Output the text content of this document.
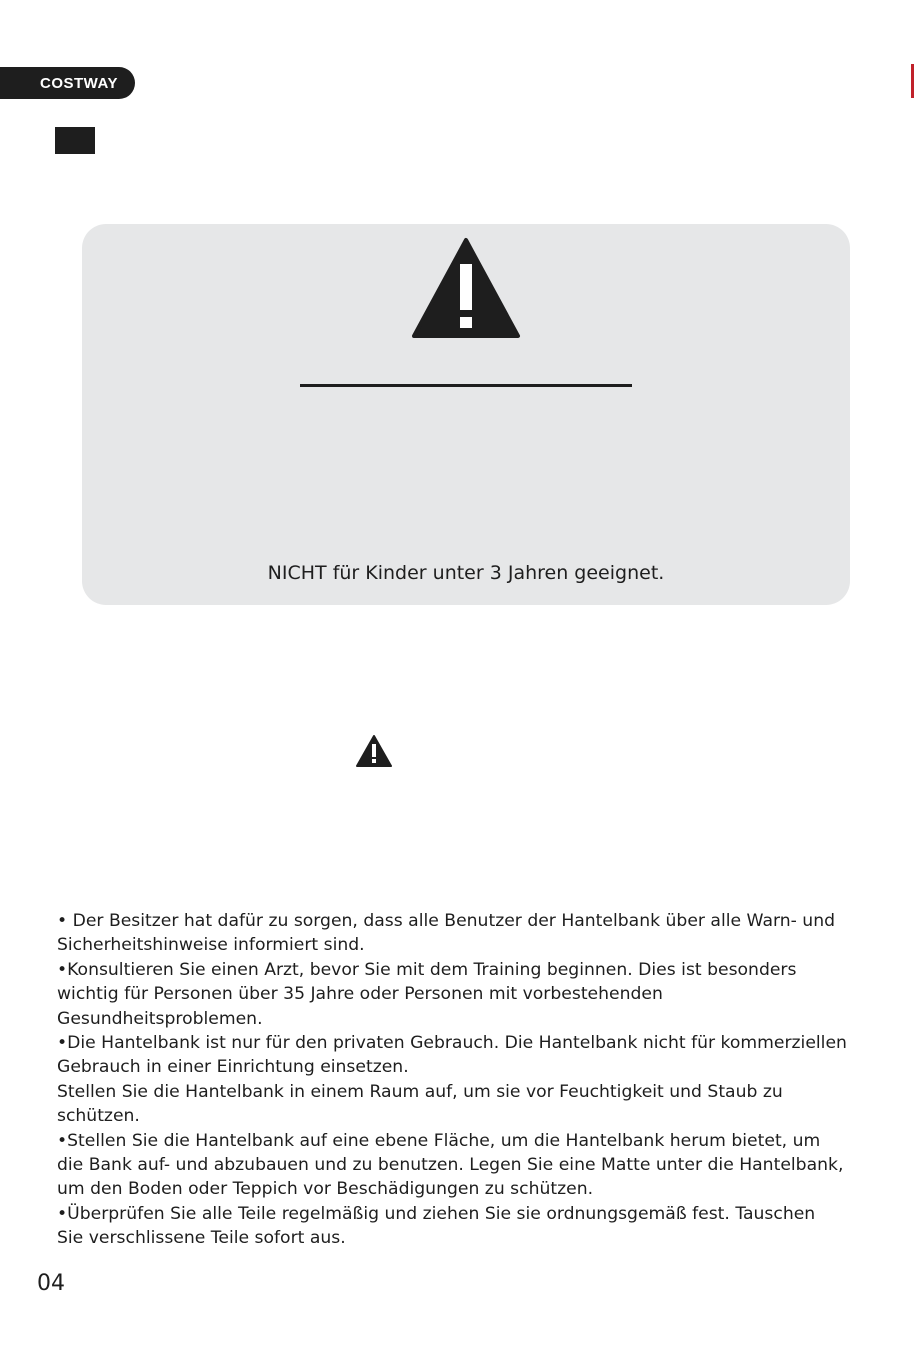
COSTWAY
NICHT für Kinder unter 3 Jahren geeignet.

• Der Besitzer hat dafür zu sorgen, dass alle Benutzer der Hantelbank über alle Warn- und

Sicherheitshinweise informiert sind.

•Konsultieren Sie einen Arzt, bevor Sie mit dem Training beginnen. Dies ist besonders

wichtig für Personen über 35 Jahre oder Personen mit vorbestehenden

Gesundheitsproblemen.

•Die Hantelbank ist nur für den privaten Gebrauch. Die Hantelbank nicht für kommerziellen

Gebrauch in einer Einrichtung einsetzen.

Stellen Sie die Hantelbank in einem Raum auf, um sie vor Feuchtigkeit und Staub zu

schützen.

•Stellen Sie die Hantelbank auf eine ebene Fläche, um die Hantelbank herum bietet, um

die Bank auf- und abzubauen und zu benutzen. Legen Sie eine Matte unter die Hantelbank,

um den Boden oder Teppich vor Beschädigungen zu schützen.

•Überprüfen Sie alle Teile regelmäßig und ziehen Sie sie ordnungsgemäß fest. Tauschen

Sie verschlissene Teile sofort aus.

04
